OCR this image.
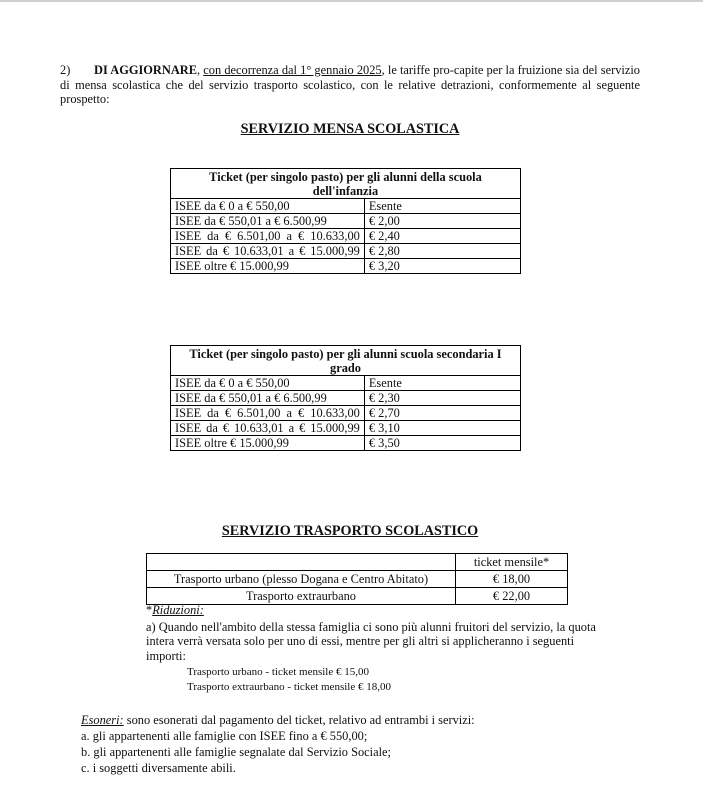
2) DI AGGIORNARE, con decorrenza dal 1° gennaio 2025, le tariffe pro-capite per la fruizione sia del servizio di mensa scolastica che del servizio trasporto scolastico, con le relative detrazioni, conformemente al seguente prospetto:
SERVIZIO MENSA SCOLASTICA
Ticket (per singolo pasto) per gli alunni della scuola dell'infanzia	
ISEE da € 0 a € 550,00	Esente
ISEE da € 550,01 a € 6.500,99	€ 2,00
ISEE da € 6.501,00 a € 10.633,00	€ 2,40
ISEE da € 10.633,01 a € 15.000,99	€ 2,80
ISEE oltre € 15.000,99	€ 3,20
Ticket (per singolo pasto) per gli alunni scuola secondaria I grado	
ISEE da € 0 a € 550,00	Esente
ISEE da € 550,01 a € 6.500,99	€ 2,30
ISEE da € 6.501,00 a € 10.633,00	€ 2,70
ISEE da € 10.633,01 a € 15.000,99	€ 3,10
ISEE oltre € 15.000,99	€ 3,50
SERVIZIO TRASPORTO SCOLASTICO
	ticket mensile*
Trasporto urbano (plesso Dogana e Centro Abitato)	€ 18,00
Trasporto extraurbano	€ 22,00
*Riduzioni:
a) Quando nell'ambito della stessa famiglia ci sono più alunni fruitori del servizio, la quota intera verrà versata solo per uno di essi, mentre per gli altri si applicheranno i seguenti importi:
Trasporto urbano - ticket mensile € 15,00
Trasporto extraurbano - ticket mensile € 18,00
Esoneri: sono esonerati dal pagamento del ticket, relativo ad entrambi i servizi:
a. gli appartenenti alle famiglie con ISEE fino a € 550,00;
b. gli appartenenti alle famiglie segnalate dal Servizio Sociale;
c. i soggetti diversamente abili.
